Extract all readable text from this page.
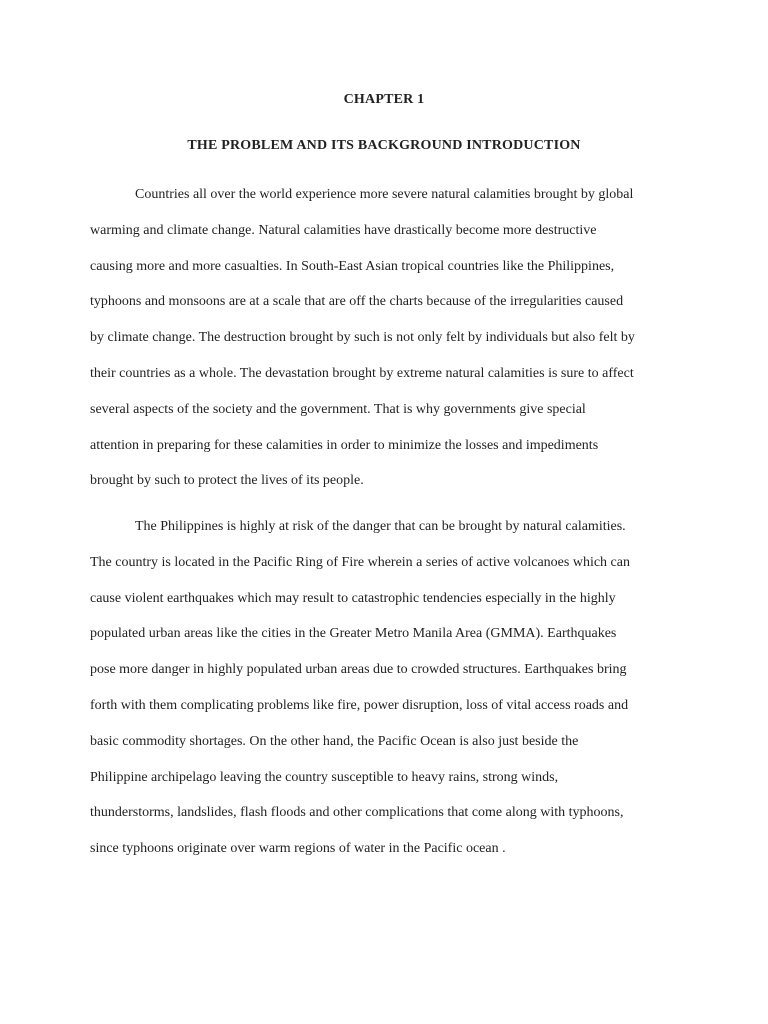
CHAPTER 1
THE PROBLEM AND ITS BACKGROUND INTRODUCTION
Countries all over the world experience more severe natural calamities brought by global
warming and climate change. Natural calamities have drastically become more destructive
causing more and more casualties. In South-East Asian tropical countries like the Philippines,
typhoons and monsoons are at a scale that are off the charts because of the irregularities caused
by climate change. The destruction brought by such is not only felt by individuals but also felt by
their countries as a whole. The devastation brought by extreme natural calamities is sure to affect
several aspects of the society and the government. That is why governments give special
attention in preparing for these calamities in order to minimize the losses and impediments
brought by such to protect the lives of its people.
The Philippines is highly at risk of the danger that can be brought by natural calamities.
The country is located in the Pacific Ring of Fire wherein a series of active volcanoes which can
cause violent earthquakes which may result to catastrophic tendencies especially in the highly
populated urban areas like the cities in the Greater Metro Manila Area (GMMA). Earthquakes
pose more danger in highly populated urban areas due to crowded structures. Earthquakes bring
forth with them complicating problems like fire, power disruption, loss of vital access roads and
basic commodity shortages. On the other hand, the Pacific Ocean is also just beside the
Philippine archipelago leaving the country susceptible to heavy rains, strong winds,
thunderstorms, landslides, flash floods and other complications that come along with typhoons,
since typhoons originate over warm regions of water in the Pacific ocean .
